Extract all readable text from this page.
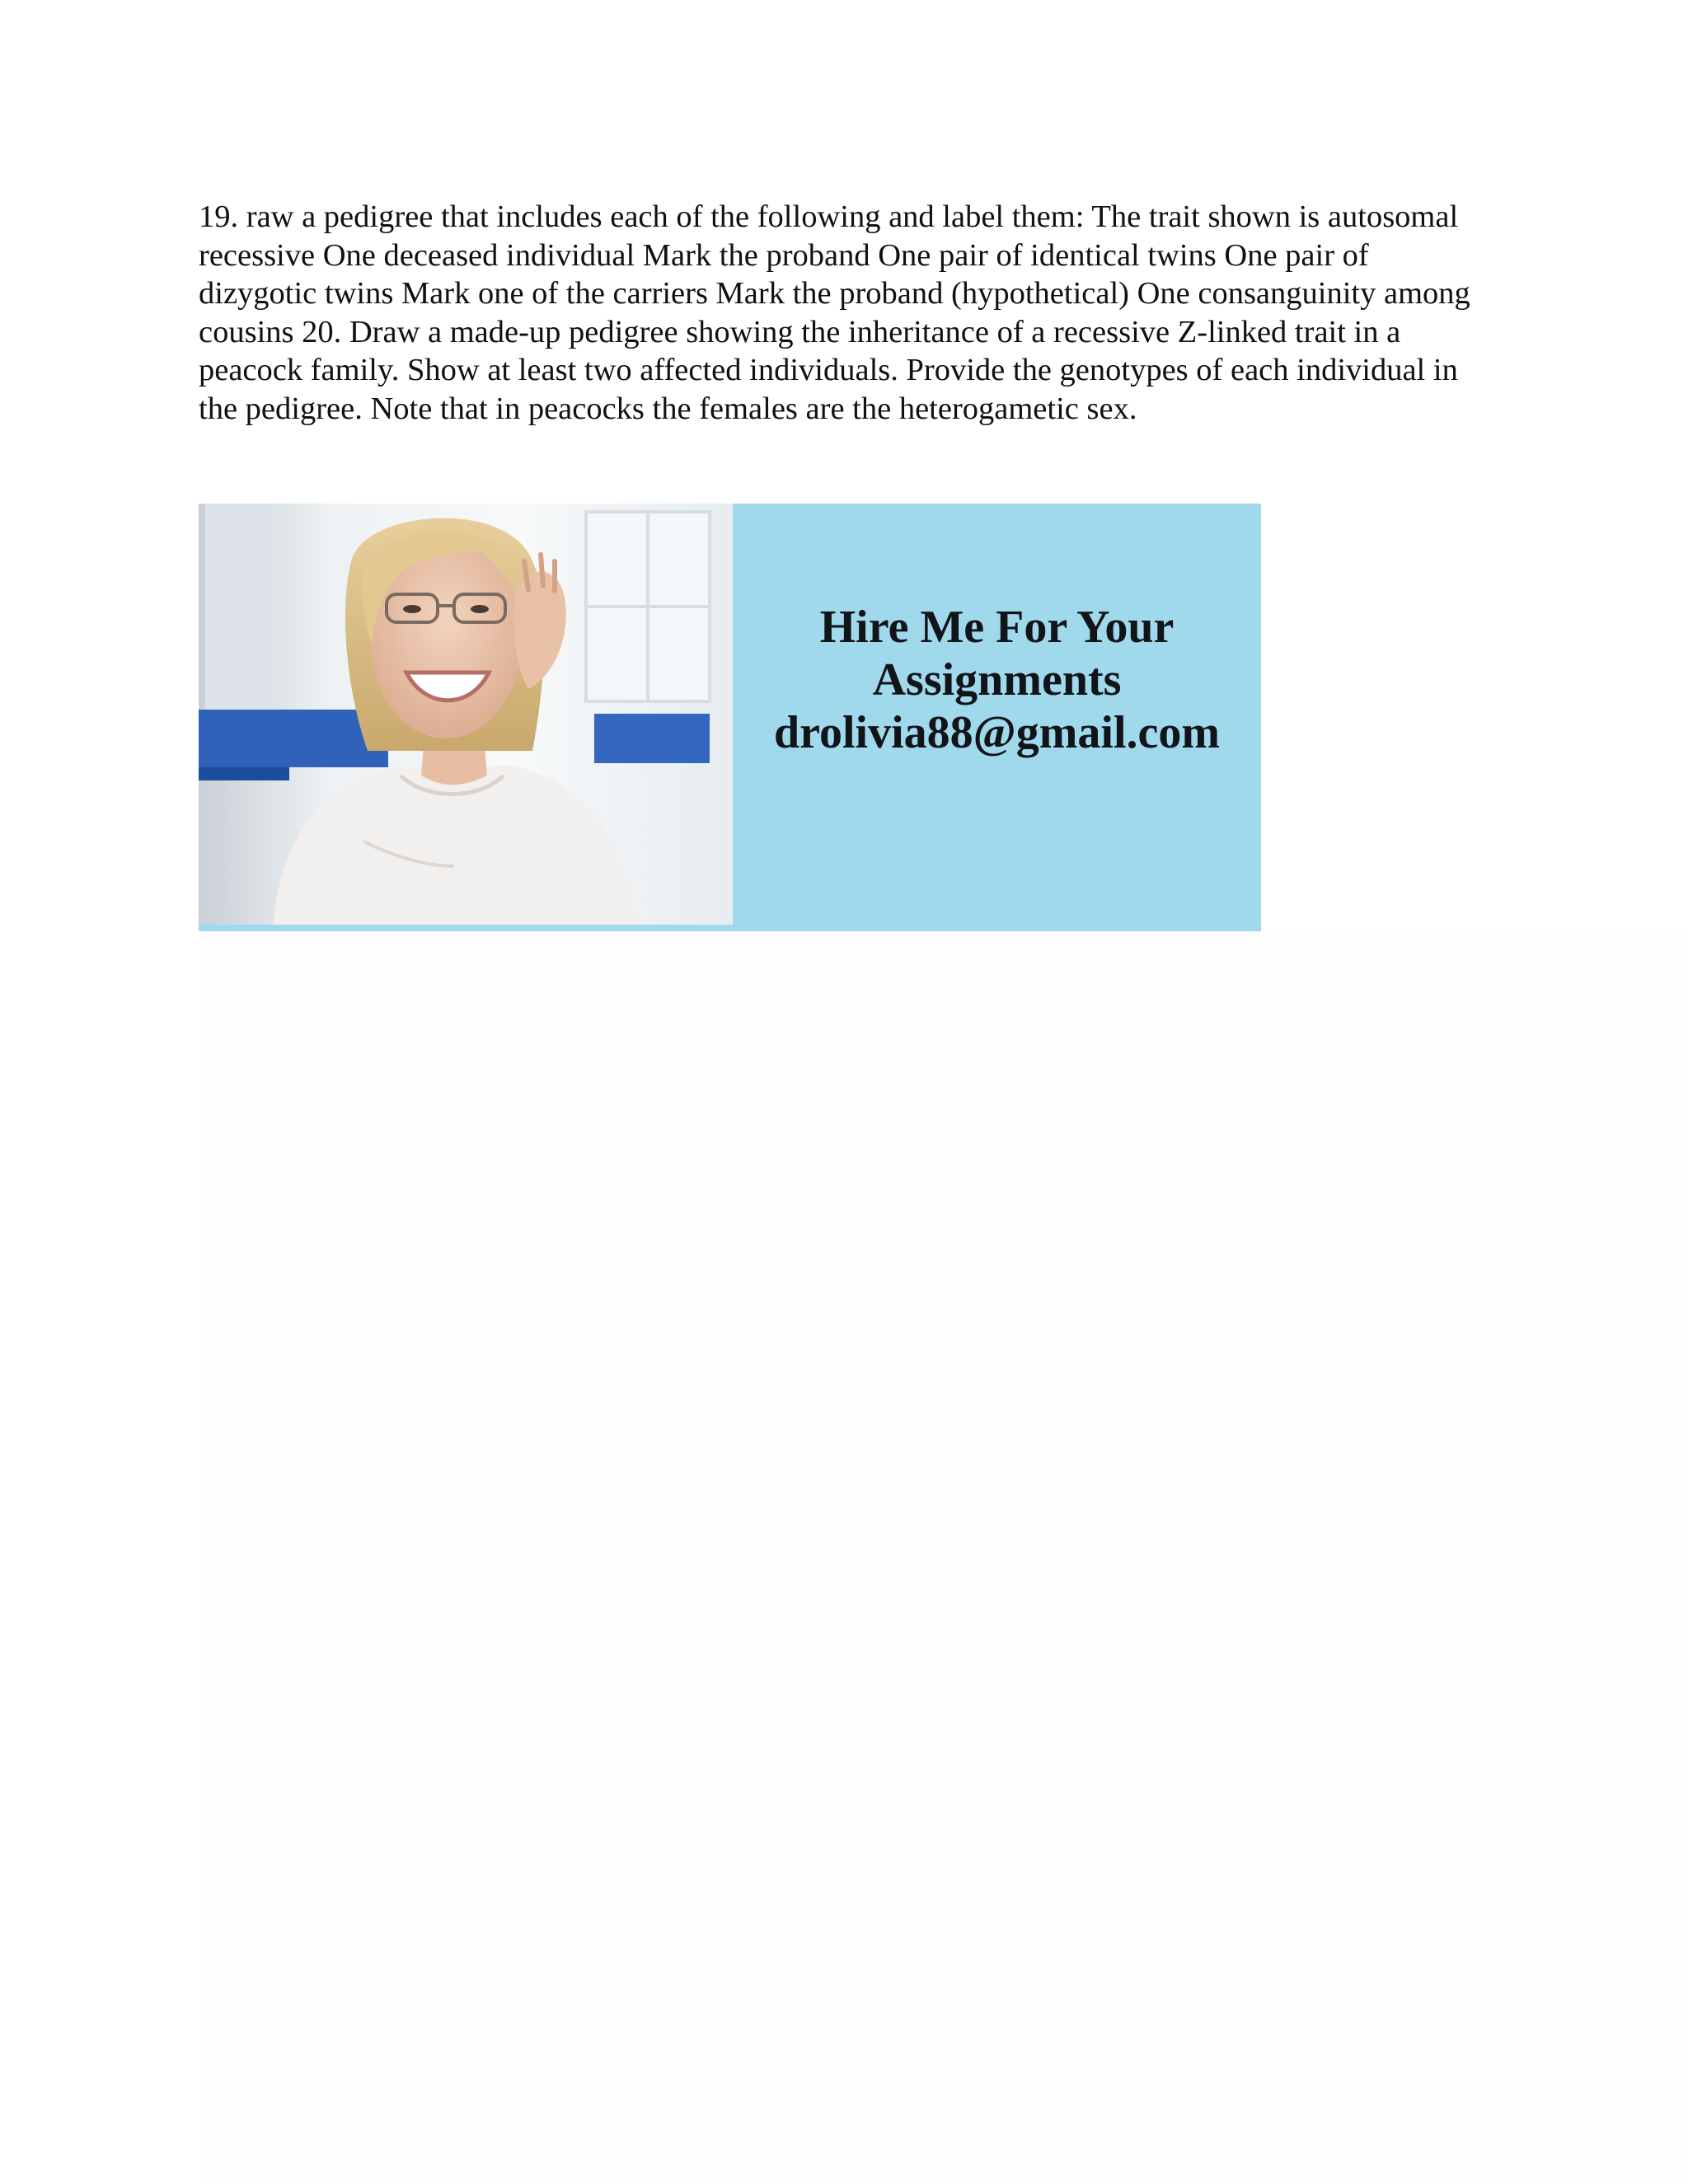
19. raw a pedigree that includes each of the following and label them: The trait shown is autosomal recessive One deceased individual Mark the proband One pair of identical twins One pair of dizygotic twins Mark one of the carriers Mark the proband (hypothetical) One consanguinity among cousins 20. Draw a made-up pedigree showing the inheritance of a recessive Z-linked trait in a peacock family. Show at least two affected individuals. Provide the genotypes of each individual in the pedigree. Note that in peacocks the females are the heterogametic sex.

Hire Me For Your
Assignments
drolivia88@gmail.com
